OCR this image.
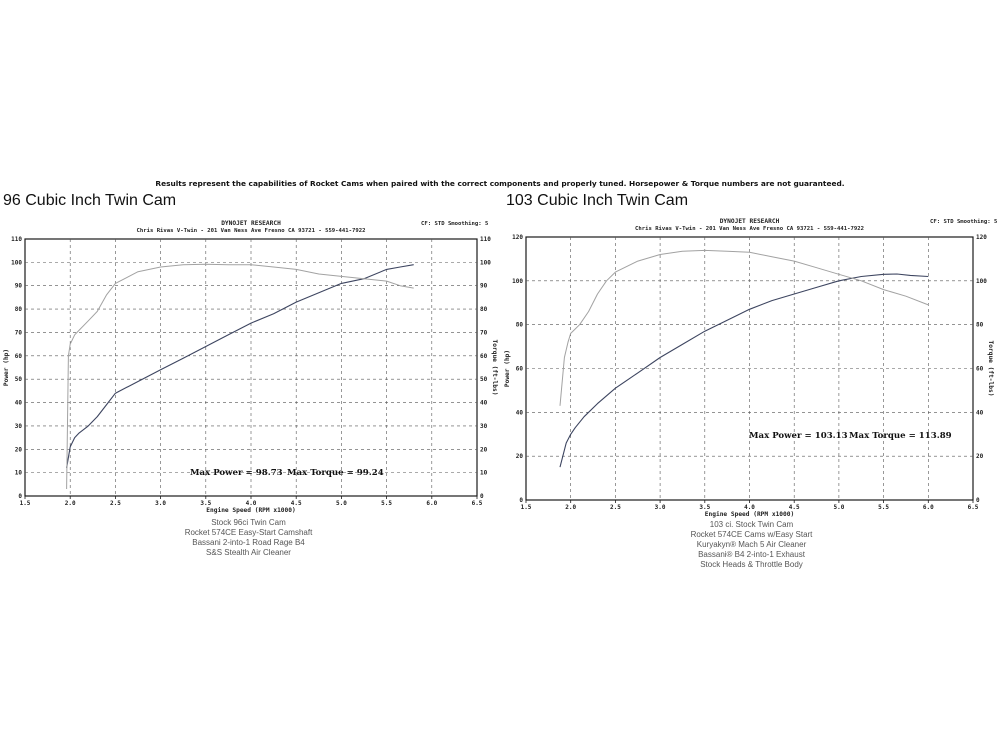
Results represent the capabilities of Rocket Cams when paired with the correct components and properly tuned. Horsepower & Torque numbers are not guaranteed.
96 Cubic Inch Twin Cam	103 Cubic Inch Twin Cam
DYNOJET RESEARCH
Chris Rivas V-Twin - 201 Van Ness Ave Fresno CA 93721 - 559-441-7922
CF: STD Smoothing: 5
1.5	2.0	2.5	3.0	3.5	4.0	4.5	5.0	5.5	6.0	6.5
0
10
20
30
40
50
60
70
80
90
100
110
0
10
20
30
40
50
60
70
80
90
100
110
Engine Speed (RPM x1000)
Power (hp)	Torque (ft-lbs)
Max Power = 98.73 Max Torque = 99.24
Stock 96ci Twin Cam
Rocket 574CE Easy-Start Camshaft
Bassani 2-into-1 Road Rage B4
S&S Stealth Air Cleaner
DYNOJET RESEARCH
Chris Rivas V-Twin - 201 Van Ness Ave Fresno CA 93721 - 559-441-7922
CF: STD Smoothing: 5
1.5	2.0	2.5	3.0	3.5	4.0	4.5	5.0	5.5	6.0	6.5
0
20
40
60
80
100
120
0
20
40
60
80
100
120
Engine Speed (RPM x1000)
Power (hp)	Torque (ft-lbs)
Max Power = 103.13 Max Torque = 113.89
103 ci. Stock Twin Cam
Rocket 574CE Cams w/Easy Start
Kuryakyn® Mach 5 Air Cleaner
Bassani® B4 2-into-1 Exhaust
Stock Heads & Throttle Body
